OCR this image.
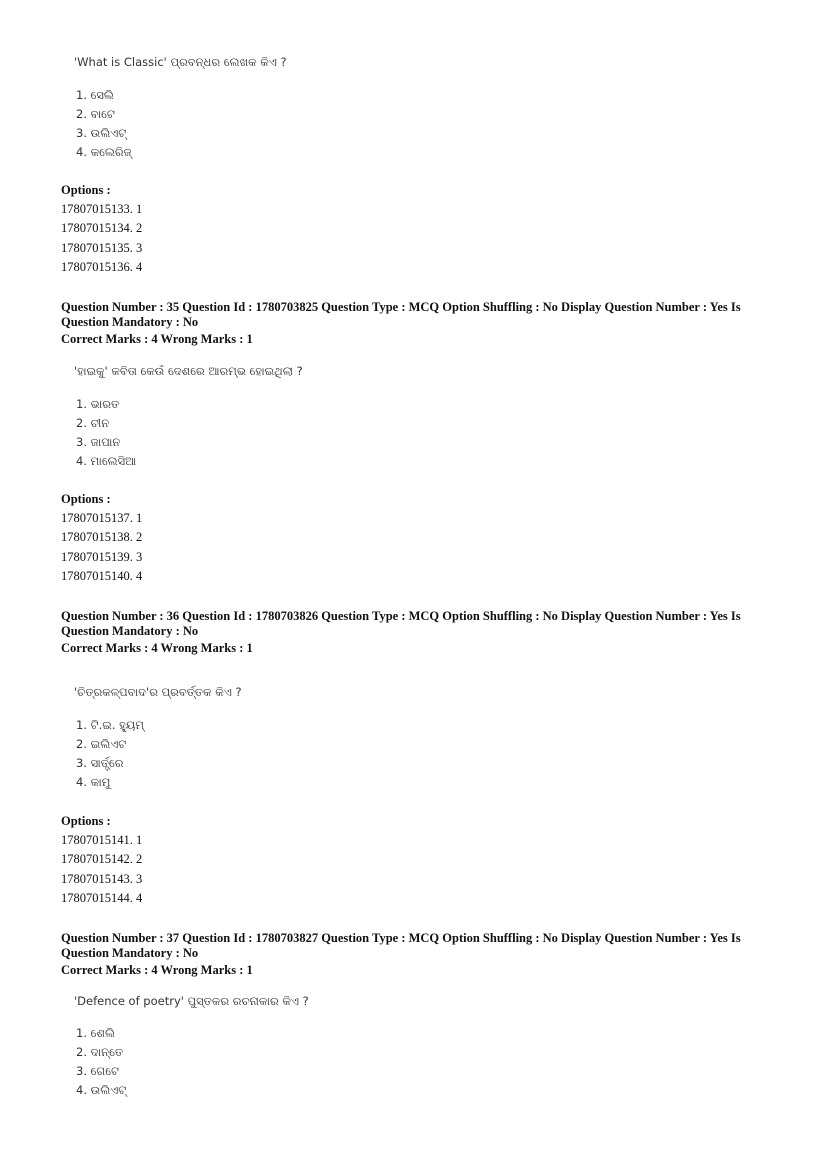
'What is Classic' ପ୍ରବନ୍ଧର ଲେଖକ କିଏ ?
1. ସେଲି
2. ବାଟେ
3. ଉଲିଏଟ୍
4. କଲେରିଜ୍
Options :
17807015133. 1
17807015134. 2
17807015135. 3
17807015136. 4
Question Number : 35 Question Id : 1780703825 Question Type : MCQ Option Shuffling : No Display Question Number : Yes Is Question Mandatory : No
Correct Marks : 4 Wrong Marks : 1
'ହାଇକୁ' କବିତା କେଉଁ ଦେଶରେ ଆରମ୍ଭ ହୋଇଥିଲା ?
1. ଭାରତ
2. ଚୀନ
3. ଜାପାନ
4. ମାଲେସିଆ
Options :
17807015137. 1
17807015138. 2
17807015139. 3
17807015140. 4
Question Number : 36 Question Id : 1780703826 Question Type : MCQ Option Shuffling : No Display Question Number : Yes Is Question Mandatory : No
Correct Marks : 4 Wrong Marks : 1
'ଚିତ୍ରକଳ୍ପବାଦ'ର ପ୍ରବର୍ତ୍ତକ କିଏ ?
1. ଟି.ଇ. ହ୍ୟୁମ୍
2. ଇଲିଏଟ
3. ସାର୍ତ୍ତ୍ରେ
4. କାମୁ
Options :
17807015141. 1
17807015142. 2
17807015143. 3
17807015144. 4
Question Number : 37 Question Id : 1780703827 Question Type : MCQ Option Shuffling : No Display Question Number : Yes Is Question Mandatory : No
Correct Marks : 4 Wrong Marks : 1
'Defence of poetry' ପୁସ୍ତକର ରଚନାକାର କିଏ ?
1. ଶେଲି
2. ଦାନ୍ତେ
3. ଗେଟେ
4. ଉଲିଏଟ୍
